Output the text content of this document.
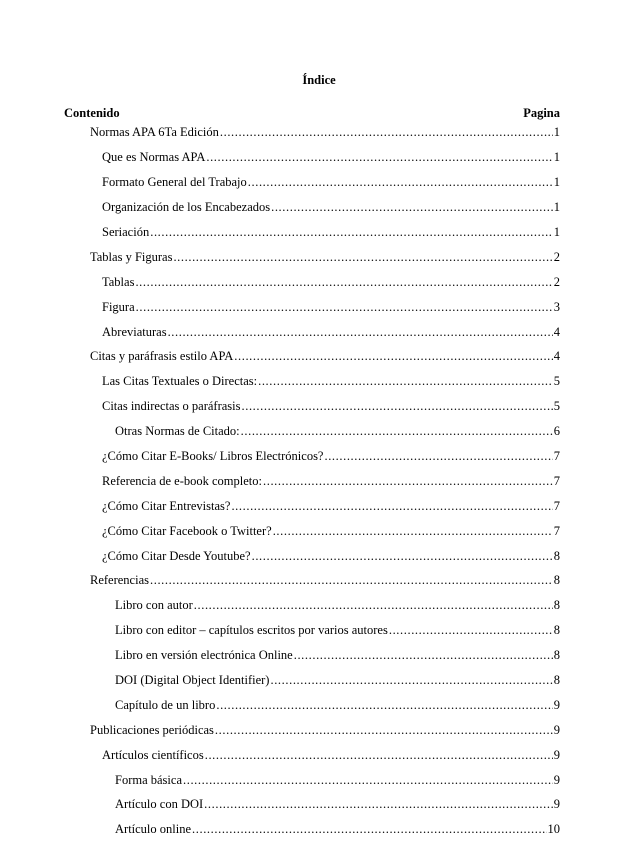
Índice
Contenido	Pagina
Normas APA 6Ta Edición .....	1
Que es Normas APA .....	1
Formato General del Trabajo .....	1
Organización de los Encabezados .....	1
Seriación .....	1
Tablas y Figuras .....	2
Tablas .....	2
Figura .....	3
Abreviaturas .....	4
Citas y paráfrasis estilo APA .....	4
Las Citas Textuales o Directas: .....	5
Citas indirectas o paráfrasis .....	5
Otras Normas de Citado: .....	6
¿Cómo Citar E-Books/ Libros Electrónicos? .....	7
Referencia de e-book completo: .....	7
¿Cómo Citar Entrevistas? .....	7
¿Cómo Citar Facebook o Twitter? .....	7
¿Cómo Citar Desde Youtube? .....	8
Referencias .....	8
Libro con autor .....	8
Libro con editor – capítulos escritos por varios autores .....	8
Libro en versión electrónica Online .....	8
DOI (Digital Object Identifier) .....	8
Capítulo de un libro .....	9
Publicaciones periódicas .....	9
Artículos científicos .....	9
Forma básica .....	9
Artículo con DOI .....	9
Artículo online .....	10
